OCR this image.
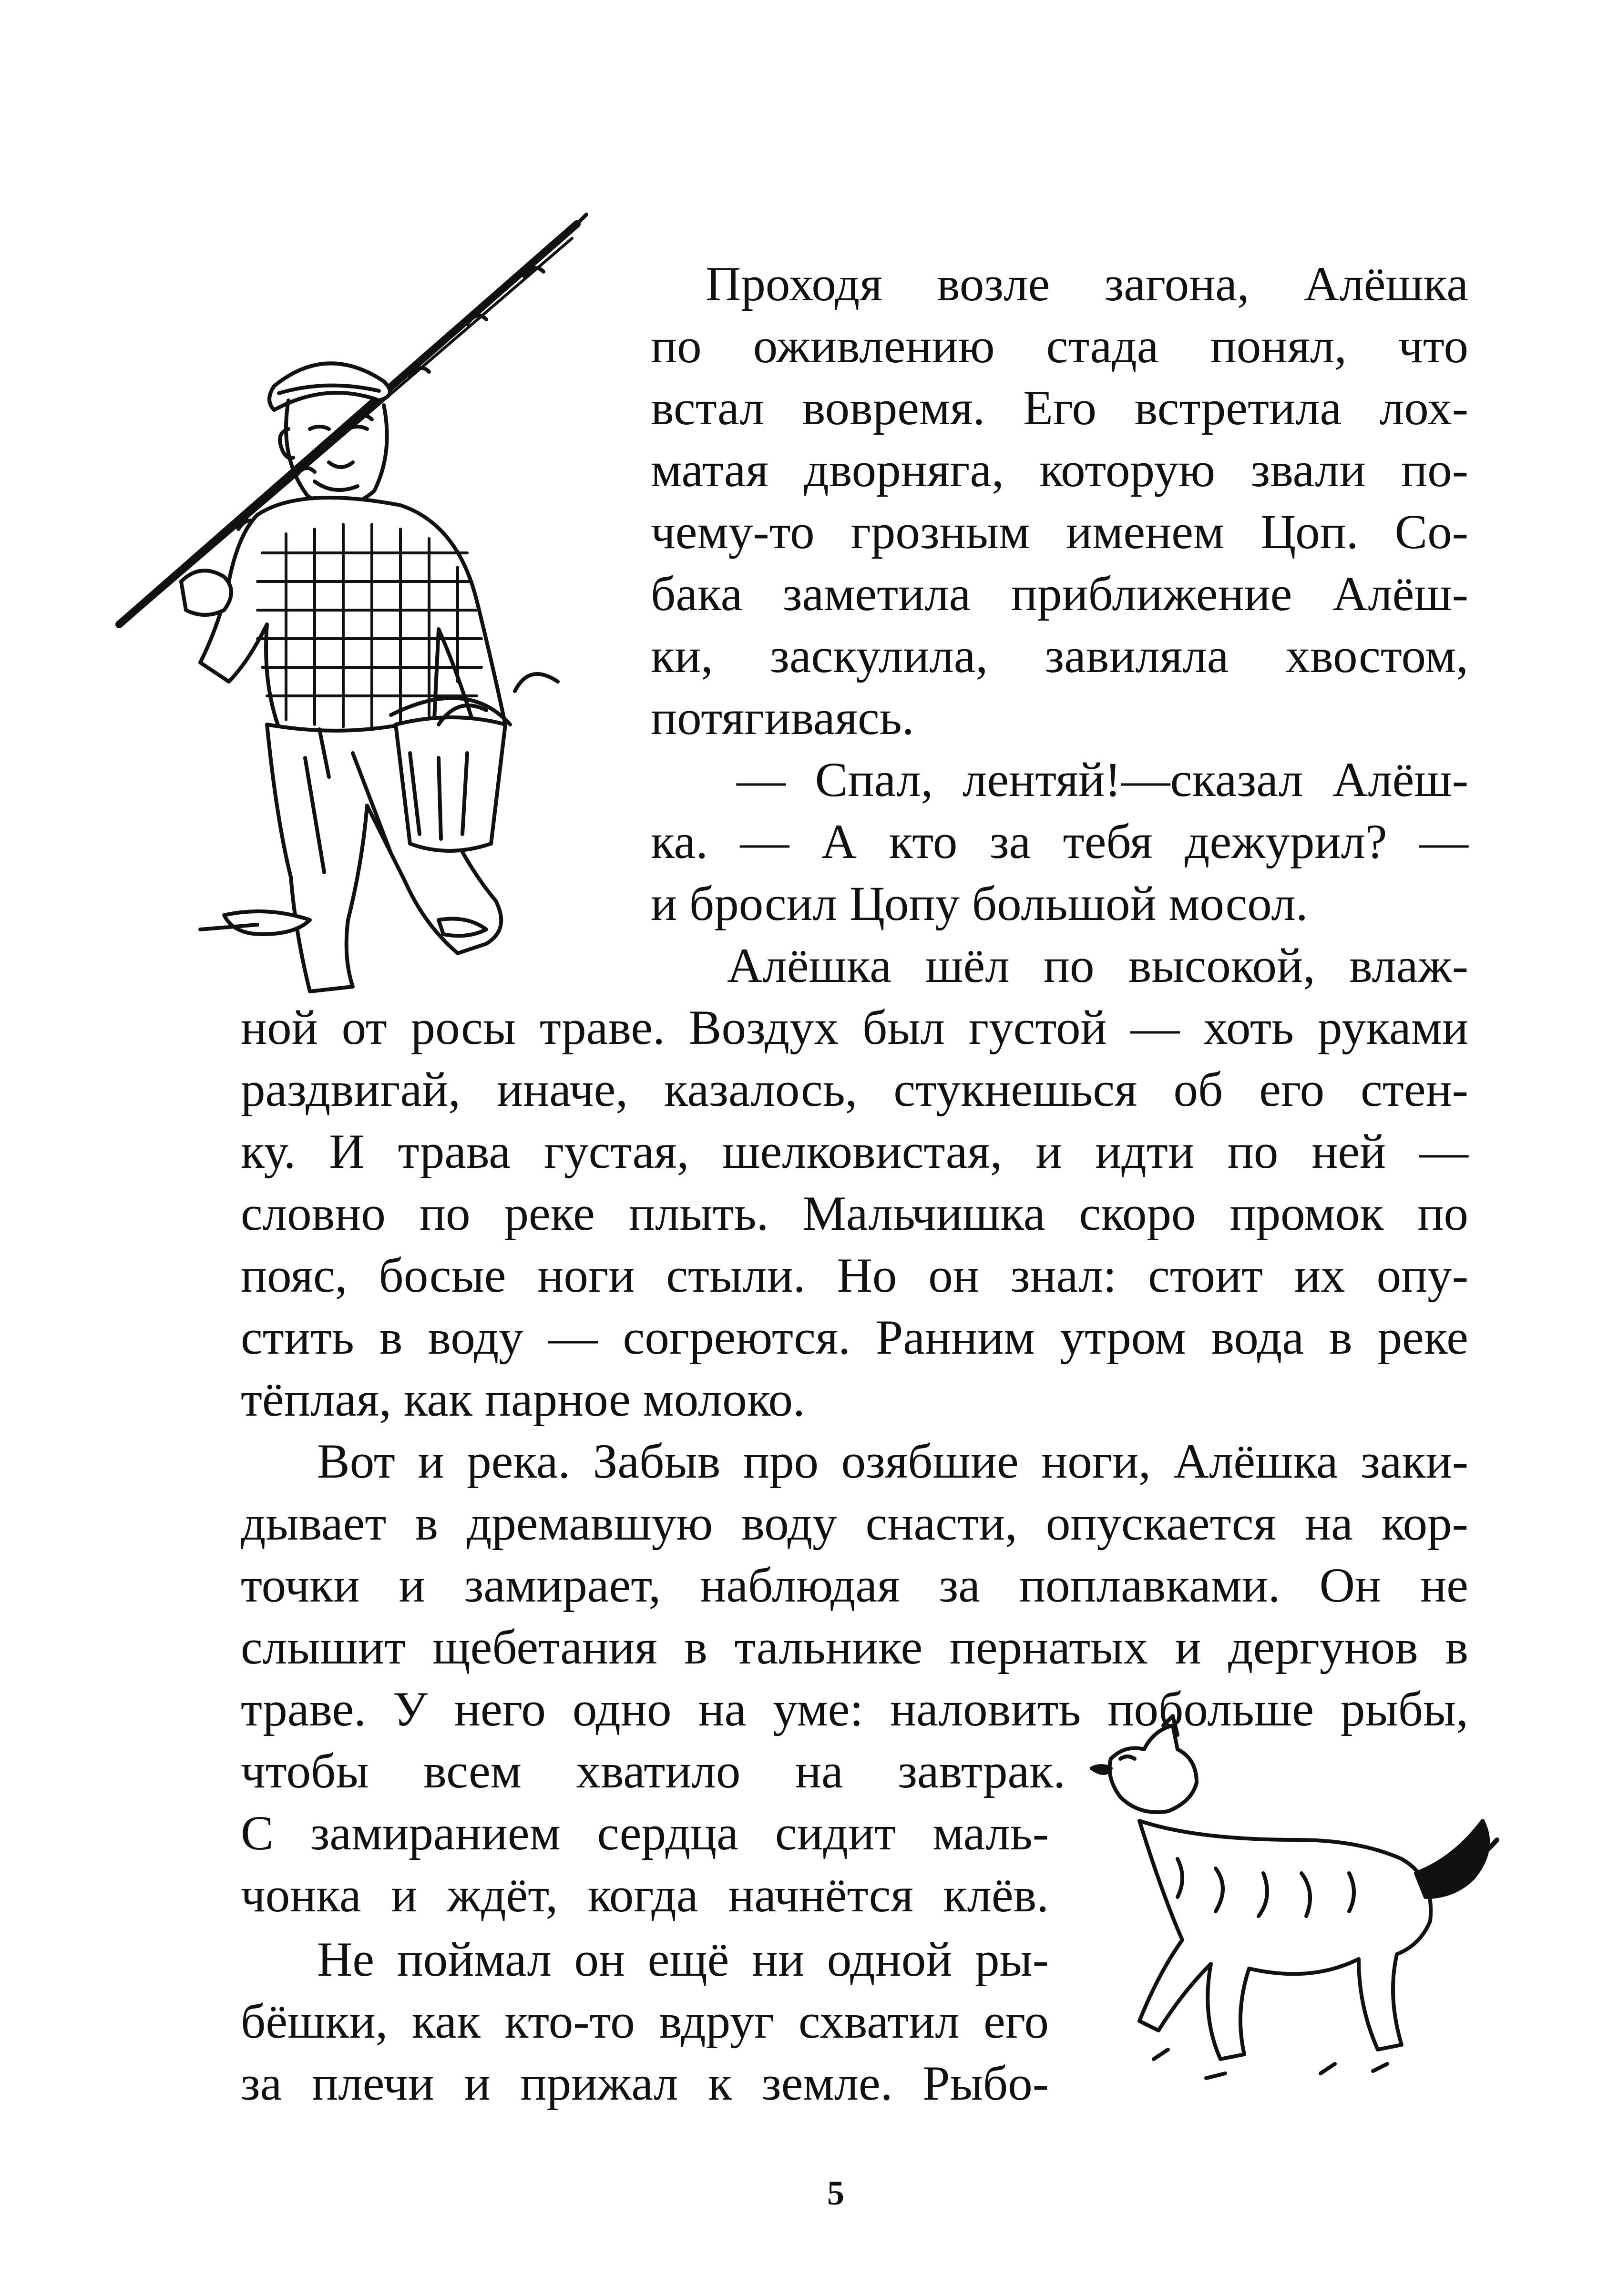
Проходя возле загона, Алёшка
по оживлению стада понял, что
встал вовремя. Его встретила лох-
матая дворняга, которую звали по-
чему-то грозным именем Цоп. Со-
бака заметила приближение Алёш-
ки, заскулила, завиляла хвостом,
потягиваясь.
— Спал, лентяй!—сказал Алёш-
ка. — А кто за тебя дежурил? —
и бросил Цопу большой мосол.
Алёшка шёл по высокой, влаж-
ной от росы траве. Воздух был густой — хоть руками
раздвигай, иначе, казалось, стукнешься об его стен-
ку. И трава густая, шелковистая, и идти по ней —
словно по реке плыть. Мальчишка скоро промок по
пояс, босые ноги стыли. Но он знал: стоит их опу-
стить в воду — согреются. Ранним утром вода в реке
тёплая, как парное молоко.
Вот и река. Забыв про озябшие ноги, Алёшка заки-
дывает в дремавшую воду снасти, опускается на кор-
точки и замирает, наблюдая за поплавками. Он не
слышит щебетания в тальнике пернатых и дергунов в
траве. У него одно на уме: наловить побольше рыбы,
чтобы всем хватило на завтрак.
С замиранием сердца сидит маль-
чонка и ждёт, когда начнётся клёв.
Не поймал он ещё ни одной ры-
бёшки, как кто-то вдруг схватил его
за плечи и прижал к земле. Рыбо-
5
